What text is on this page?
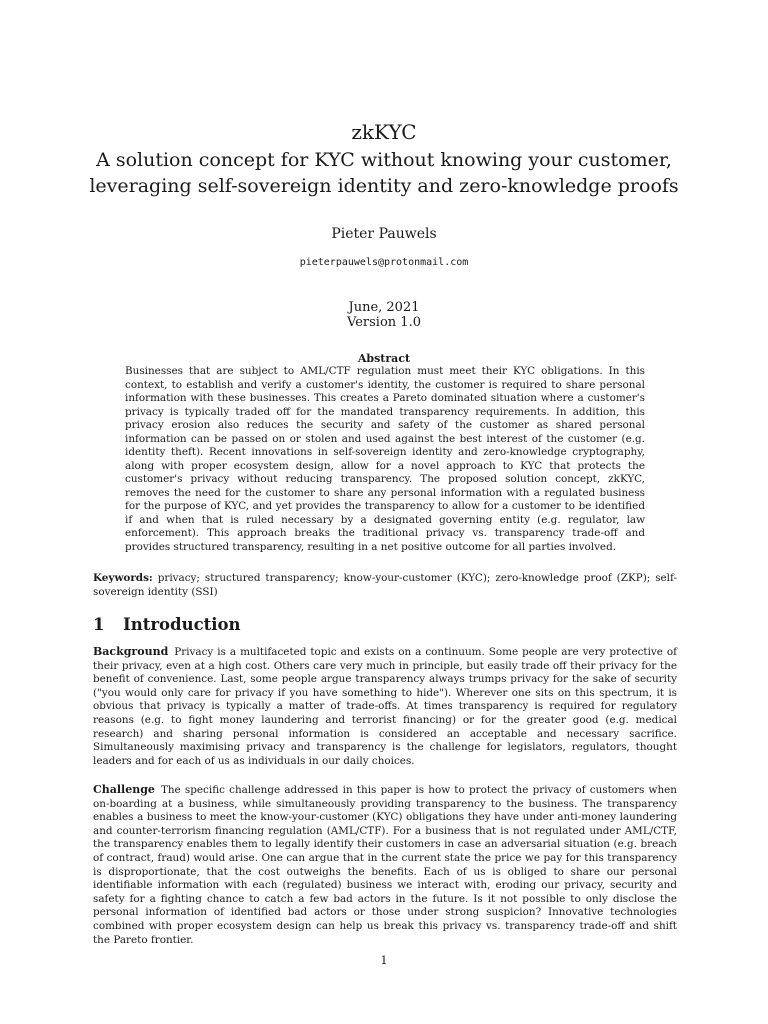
zkKYC
A solution concept for KYC without knowing your customer,
leveraging self-sovereign identity and zero-knowledge proofs
Pieter Pauwels
pieterpauwels@protonmail.com
June, 2021
Version 1.0
Abstract
Businesses that are subject to AML/CTF regulation must meet their KYC obligations. In this context, to establish and verify a customer's identity, the customer is required to share personal information with these businesses. This creates a Pareto dominated situation where a customer's privacy is typically traded off for the mandated transparency requirements. In addition, this privacy erosion also reduces the security and safety of the customer as shared personal information can be passed on or stolen and used against the best interest of the customer (e.g. identity theft). Recent innovations in self-sovereign identity and zero-knowledge cryptography, along with proper ecosystem design, allow for a novel approach to KYC that protects the customer's privacy without reducing transparency. The proposed solution concept, zkKYC, removes the need for the customer to share any personal information with a regulated business for the purpose of KYC, and yet provides the transparency to allow for a customer to be identified if and when that is ruled necessary by a designated governing entity (e.g. regulator, law enforcement). This approach breaks the traditional privacy vs. transparency trade-off and provides structured transparency, resulting in a net positive outcome for all parties involved.
Keywords: privacy; structured transparency; know-your-customer (KYC); zero-knowledge proof (ZKP); self-sovereign identity (SSI)
1 Introduction
Background Privacy is a multifaceted topic and exists on a continuum. Some people are very protective of their privacy, even at a high cost. Others care very much in principle, but easily trade off their privacy for the benefit of convenience. Last, some people argue transparency always trumps privacy for the sake of security ("you would only care for privacy if you have something to hide"). Wherever one sits on this spectrum, it is obvious that privacy is typically a matter of trade-offs. At times transparency is required for regulatory reasons (e.g. to fight money laundering and terrorist financing) or for the greater good (e.g. medical research) and sharing personal information is considered an acceptable and necessary sacrifice. Simultaneously maximising privacy and transparency is the challenge for legislators, regulators, thought leaders and for each of us as individuals in our daily choices.
Challenge The specific challenge addressed in this paper is how to protect the privacy of customers when on-boarding at a business, while simultaneously providing transparency to the business. The transparency enables a business to meet the know-your-customer (KYC) obligations they have under anti-money laundering and counter-terrorism financing regulation (AML/CTF). For a business that is not regulated under AML/CTF, the transparency enables them to legally identify their customers in case an adversarial situation (e.g. breach of contract, fraud) would arise. One can argue that in the current state the price we pay for this transparency is disproportionate, that the cost outweighs the benefits. Each of us is obliged to share our personal identifiable information with each (regulated) business we interact with, eroding our privacy, security and safety for a fighting chance to catch a few bad actors in the future. Is it not possible to only disclose the personal information of identified bad actors or those under strong suspicion? Innovative technologies combined with proper ecosystem design can help us break this privacy vs. transparency trade-off and shift the Pareto frontier.
1
